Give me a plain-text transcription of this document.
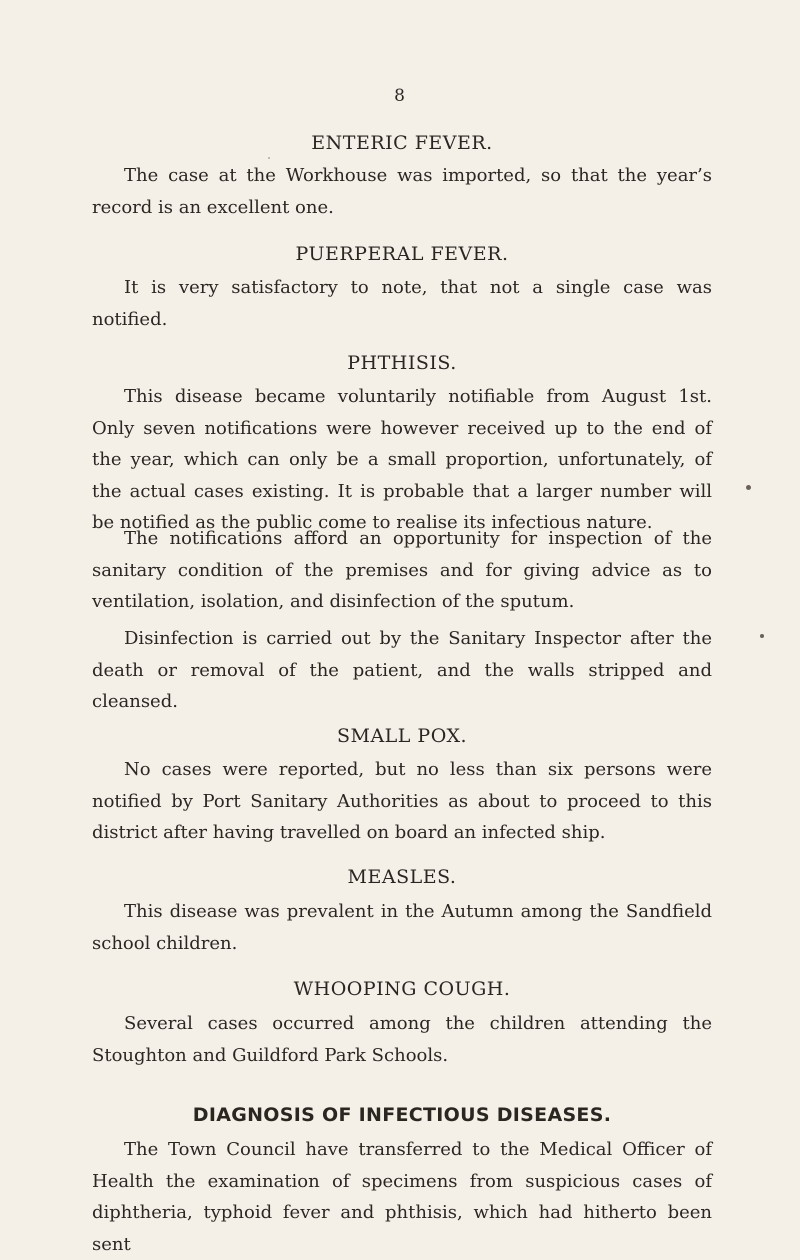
8
ENTERIC FEVER.

The case at the Workhouse was imported, so that the year’s record is an excellent one.

PUERPERAL FEVER.

It is very satisfactory to note, that not a single case was notified.

PHTHISIS.

This disease became voluntarily notifiable from August 1st. Only seven notifications were however received up to the end of the year, which can only be a small proportion, unfortunately, of the actual cases existing. It is probable that a larger number will be notified as the public come to realise its infectious nature.

The notifications afford an opportunity for inspection of the sanitary condition of the premises and for giving advice as to ventilation, isolation, and disinfection of the sputum.

Disinfection is carried out by the Sanitary Inspector after the death or removal of the patient, and the walls stripped and cleansed.

SMALL POX.

No cases were reported, but no less than six persons were notified by Port Sanitary Authorities as about to proceed to this district after having travelled on board an infected ship.

MEASLES.

This disease was prevalent in the Autumn among the Sandfield school children.

WHOOPING COUGH.

Several cases occurred among the children attending the Stoughton and Guildford Park Schools.

DIAGNOSIS OF INFECTIOUS DISEASES.

The Town Council have transferred to the Medical Officer of Health the examination of specimens from suspicious cases of diphtheria, typhoid fever and phthisis, which had hitherto been sent
